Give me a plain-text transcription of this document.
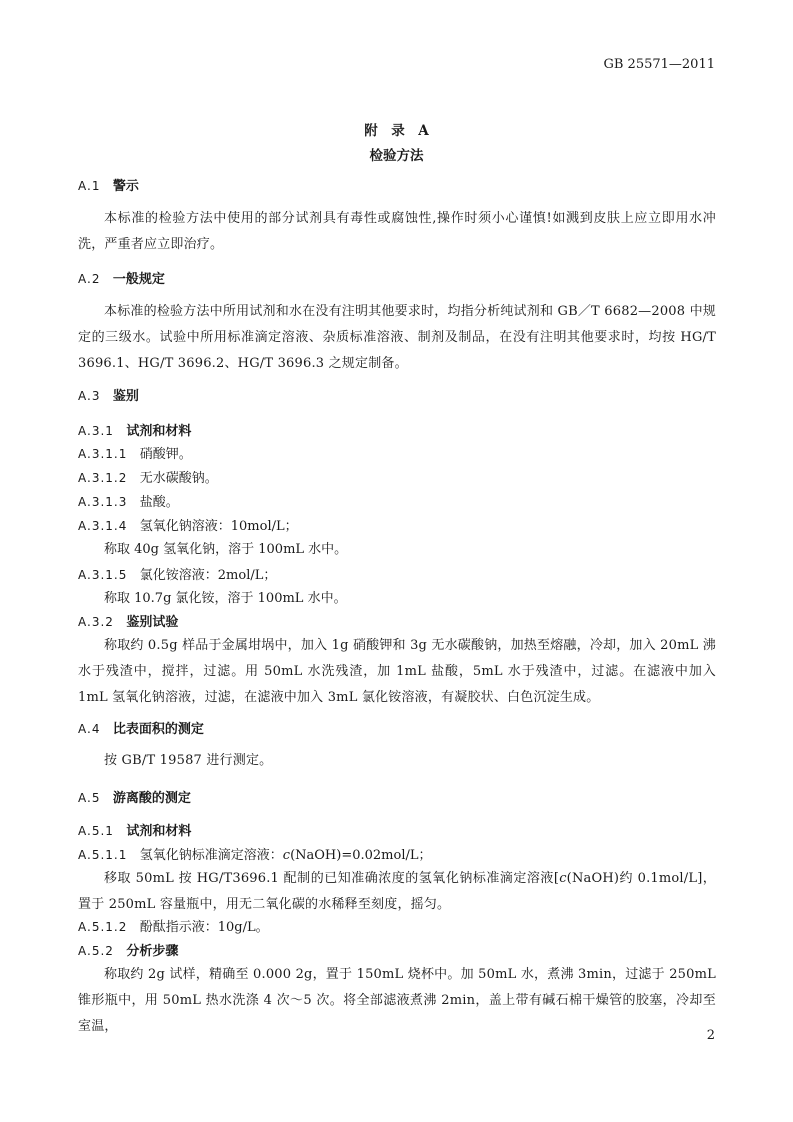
GB 25571—2011
附　录　A
检验方法
A.1 警示
本标准的检验方法中使用的部分试剂具有毒性或腐蚀性,操作时须小心谨慎!如溅到皮肤上应立即用水冲洗，严重者应立即治疗。
A.2 一般规定
本标准的检验方法中所用试剂和水在没有注明其他要求时，均指分析纯试剂和 GB／T 6682—2008 中规定的三级水。试验中所用标准滴定溶液、杂质标准溶液、制剂及制品，在没有注明其他要求时，均按 HG/T 3696.1、HG/T 3696.2、HG/T 3696.3 之规定制备。
A.3 鉴别
A.3.1 试剂和材料
A.3.1.1 硝酸钾。
A.3.1.2 无水碳酸钠。
A.3.1.3 盐酸。
A.3.1.4 氢氧化钠溶液：10mol/L；
称取 40g 氢氧化钠，溶于 100mL 水中。
A.3.1.5 氯化铵溶液：2mol/L；
称取 10.7g 氯化铵，溶于 100mL 水中。
A.3.2 鉴别试验
称取约 0.5g 样品于金属坩埚中，加入 1g 硝酸钾和 3g 无水碳酸钠，加热至熔融，冷却，加入 20mL 沸水于残渣中，搅拌，过滤。用 50mL 水洗残渣，加 1mL 盐酸，5mL 水于残渣中，过滤。在滤液中加入 1mL 氢氧化钠溶液，过滤，在滤液中加入 3mL 氯化铵溶液，有凝胶状、白色沉淀生成。
A.4 比表面积的测定
按 GB/T 19587 进行测定。
A.5 游离酸的测定
A.5.1 试剂和材料
A.5.1.1 氢氧化钠标准滴定溶液：c(NaOH)=0.02mol/L；
移取 50mL 按 HG/T3696.1 配制的已知准确浓度的氢氧化钠标准滴定溶液[c(NaOH)约 0.1mol/L]，置于 250mL 容量瓶中，用无二氧化碳的水稀释至刻度，摇匀。
A.5.1.2 酚酞指示液：10g/L。
A.5.2 分析步骤
称取约 2g 试样，精确至 0.000 2g，置于 150mL 烧杯中。加 50mL 水，煮沸 3min，过滤于 250mL 锥形瓶中，用 50mL 热水洗涤 4 次～5 次。将全部滤液煮沸 2min，盖上带有碱石棉干燥管的胶塞，冷却至室温，
2
